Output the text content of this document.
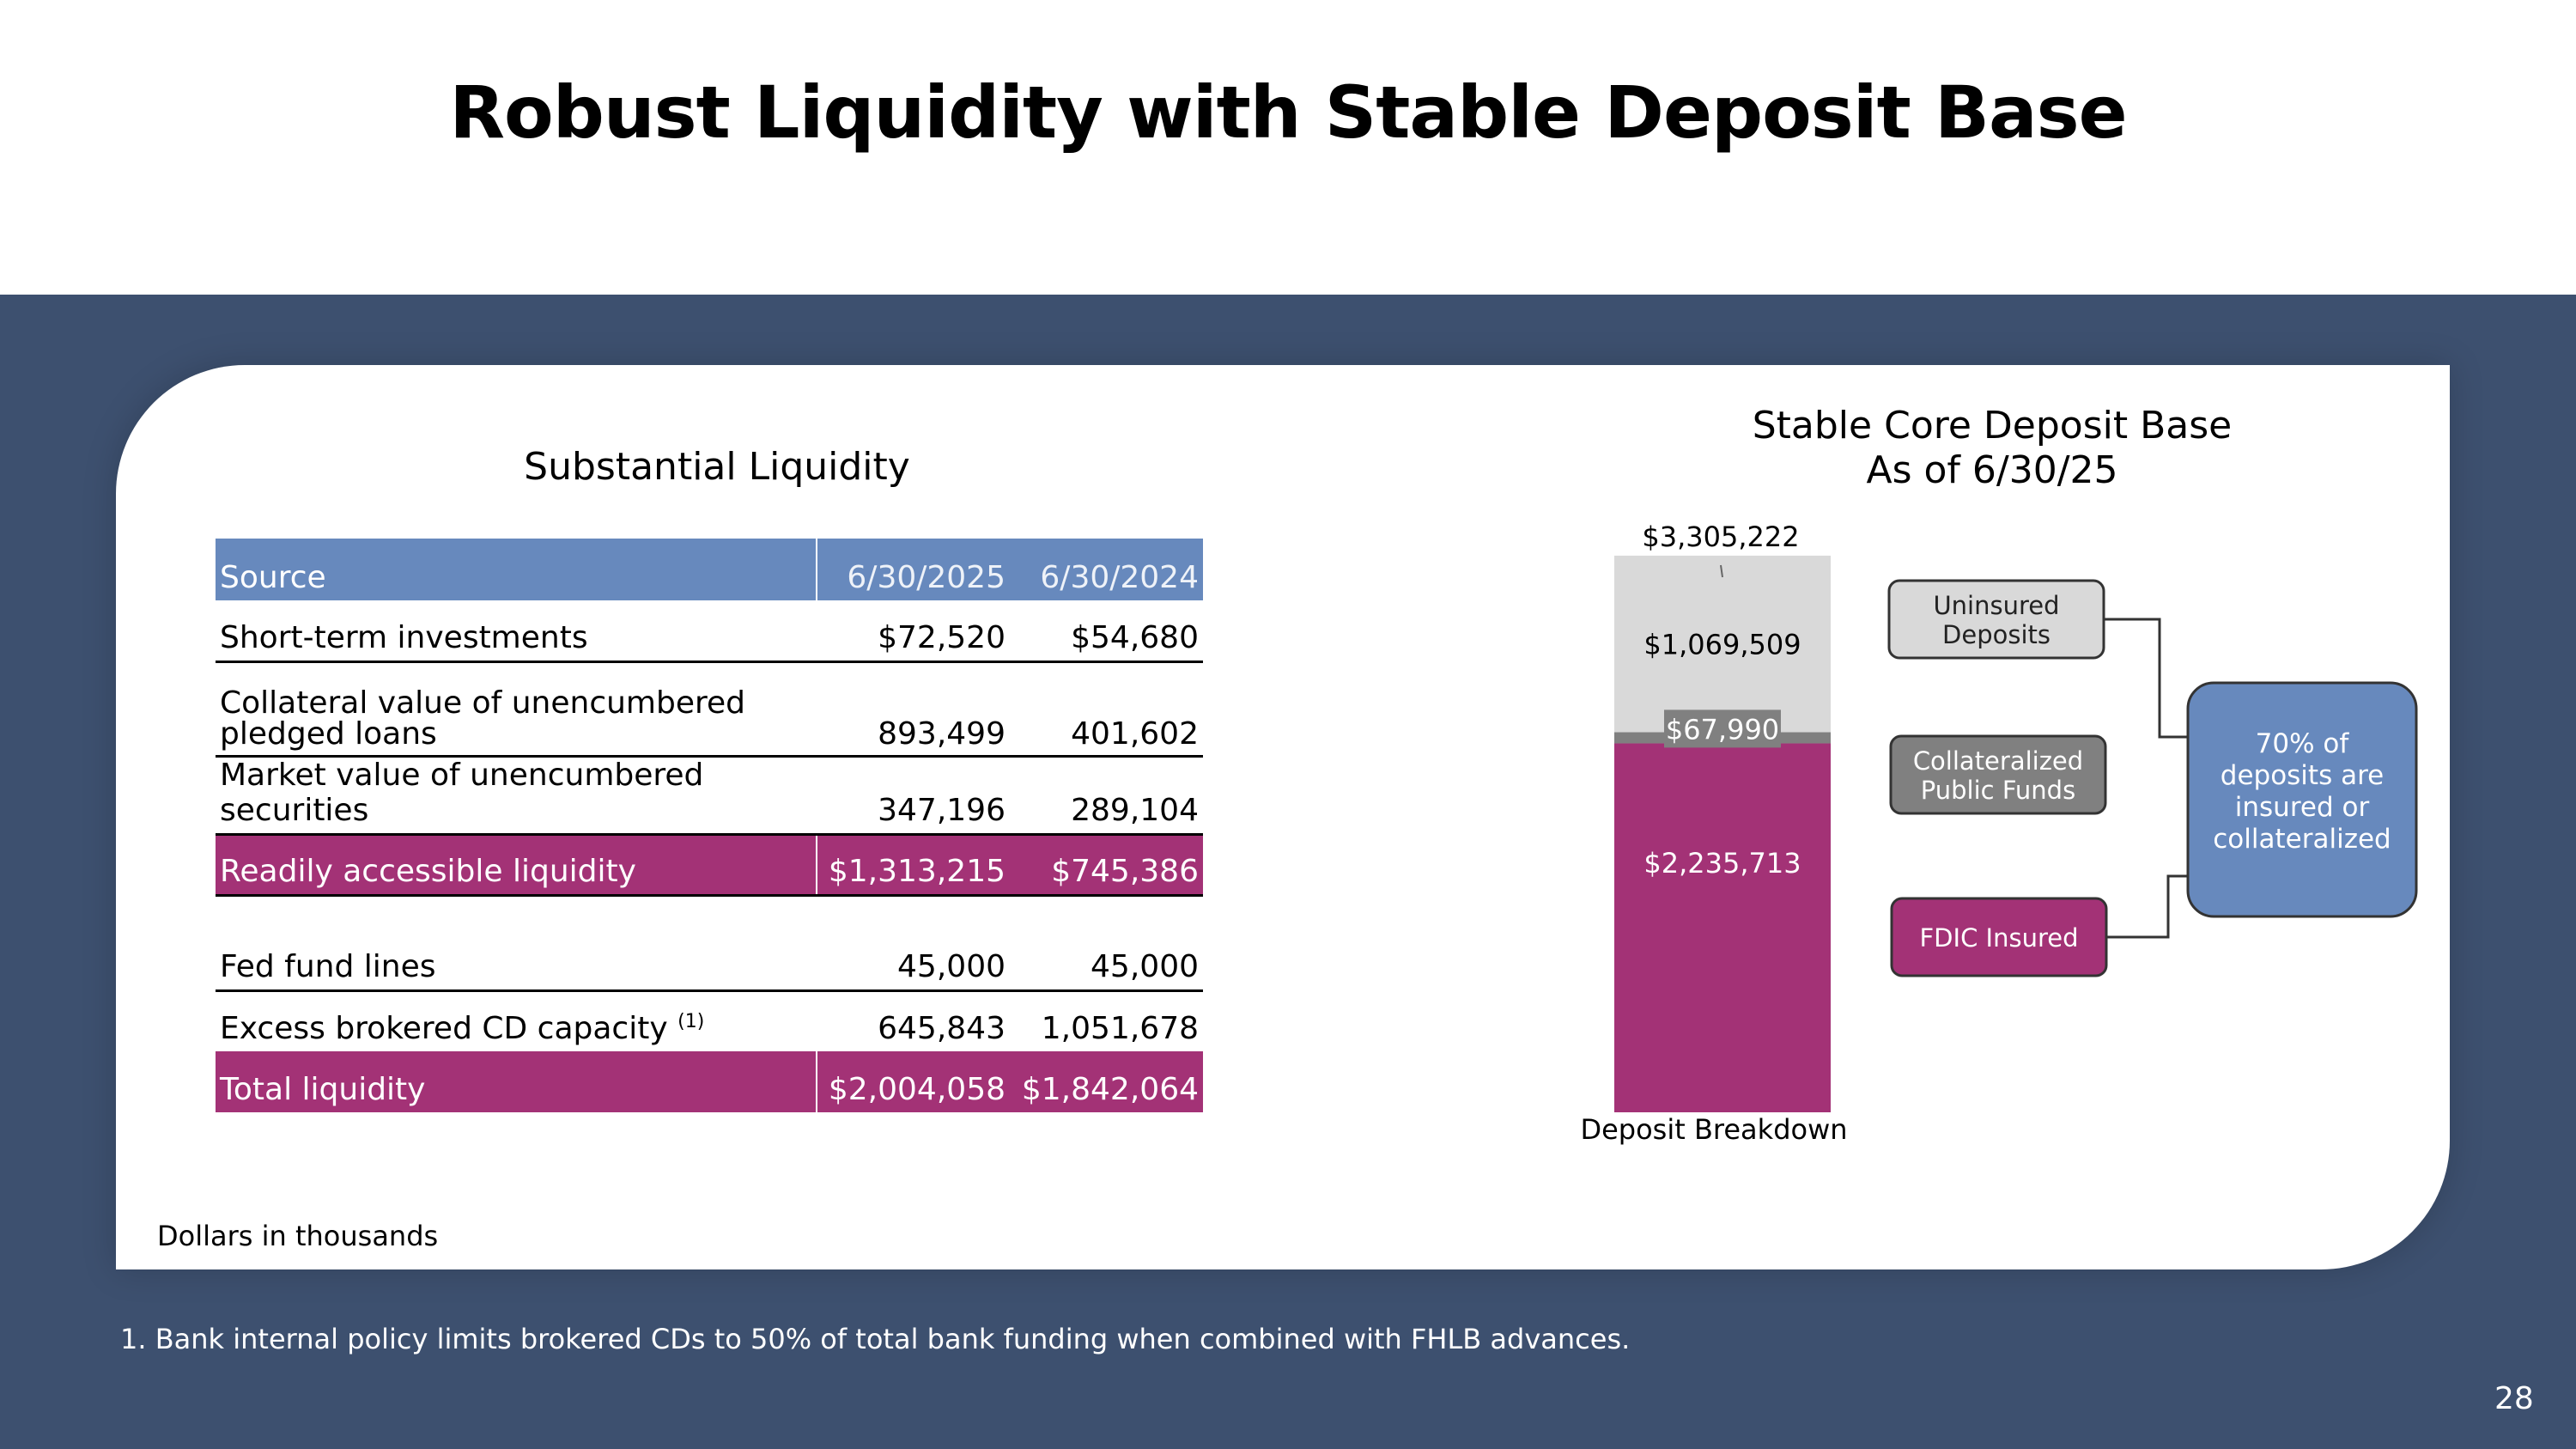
Robust Liquidity with Stable Deposit Base
Substantial Liquidity
Source	6/30/2025	6/30/2024
Short-term investments	$72,520	$54,680
Collateral value of unencumbered pledged loans	893,499	401,602
Market value of unencumbered securities	347,196	289,104
Readily accessible liquidity	$1,313,215	$745,386

Fed fund lines	45,000	45,000
Excess brokered CD capacity $^{(1)}$	645,843	1,051,678
Total liquidity	$2,004,058	$1,842,064
Dollars in thousands
1. Bank internal policy limits brokered CDs to 50% of total bank funding when combined with FHLB advances.
28
Stable Core Deposit Base
As of 6/30/25
$2,235,713
$67,990
$1,069,509
$3,305,222
Deposit Breakdown
Uninsured
Deposits
Collateralized
Public Funds
FDIC Insured
70% of
deposits are
insured or
collateralized
